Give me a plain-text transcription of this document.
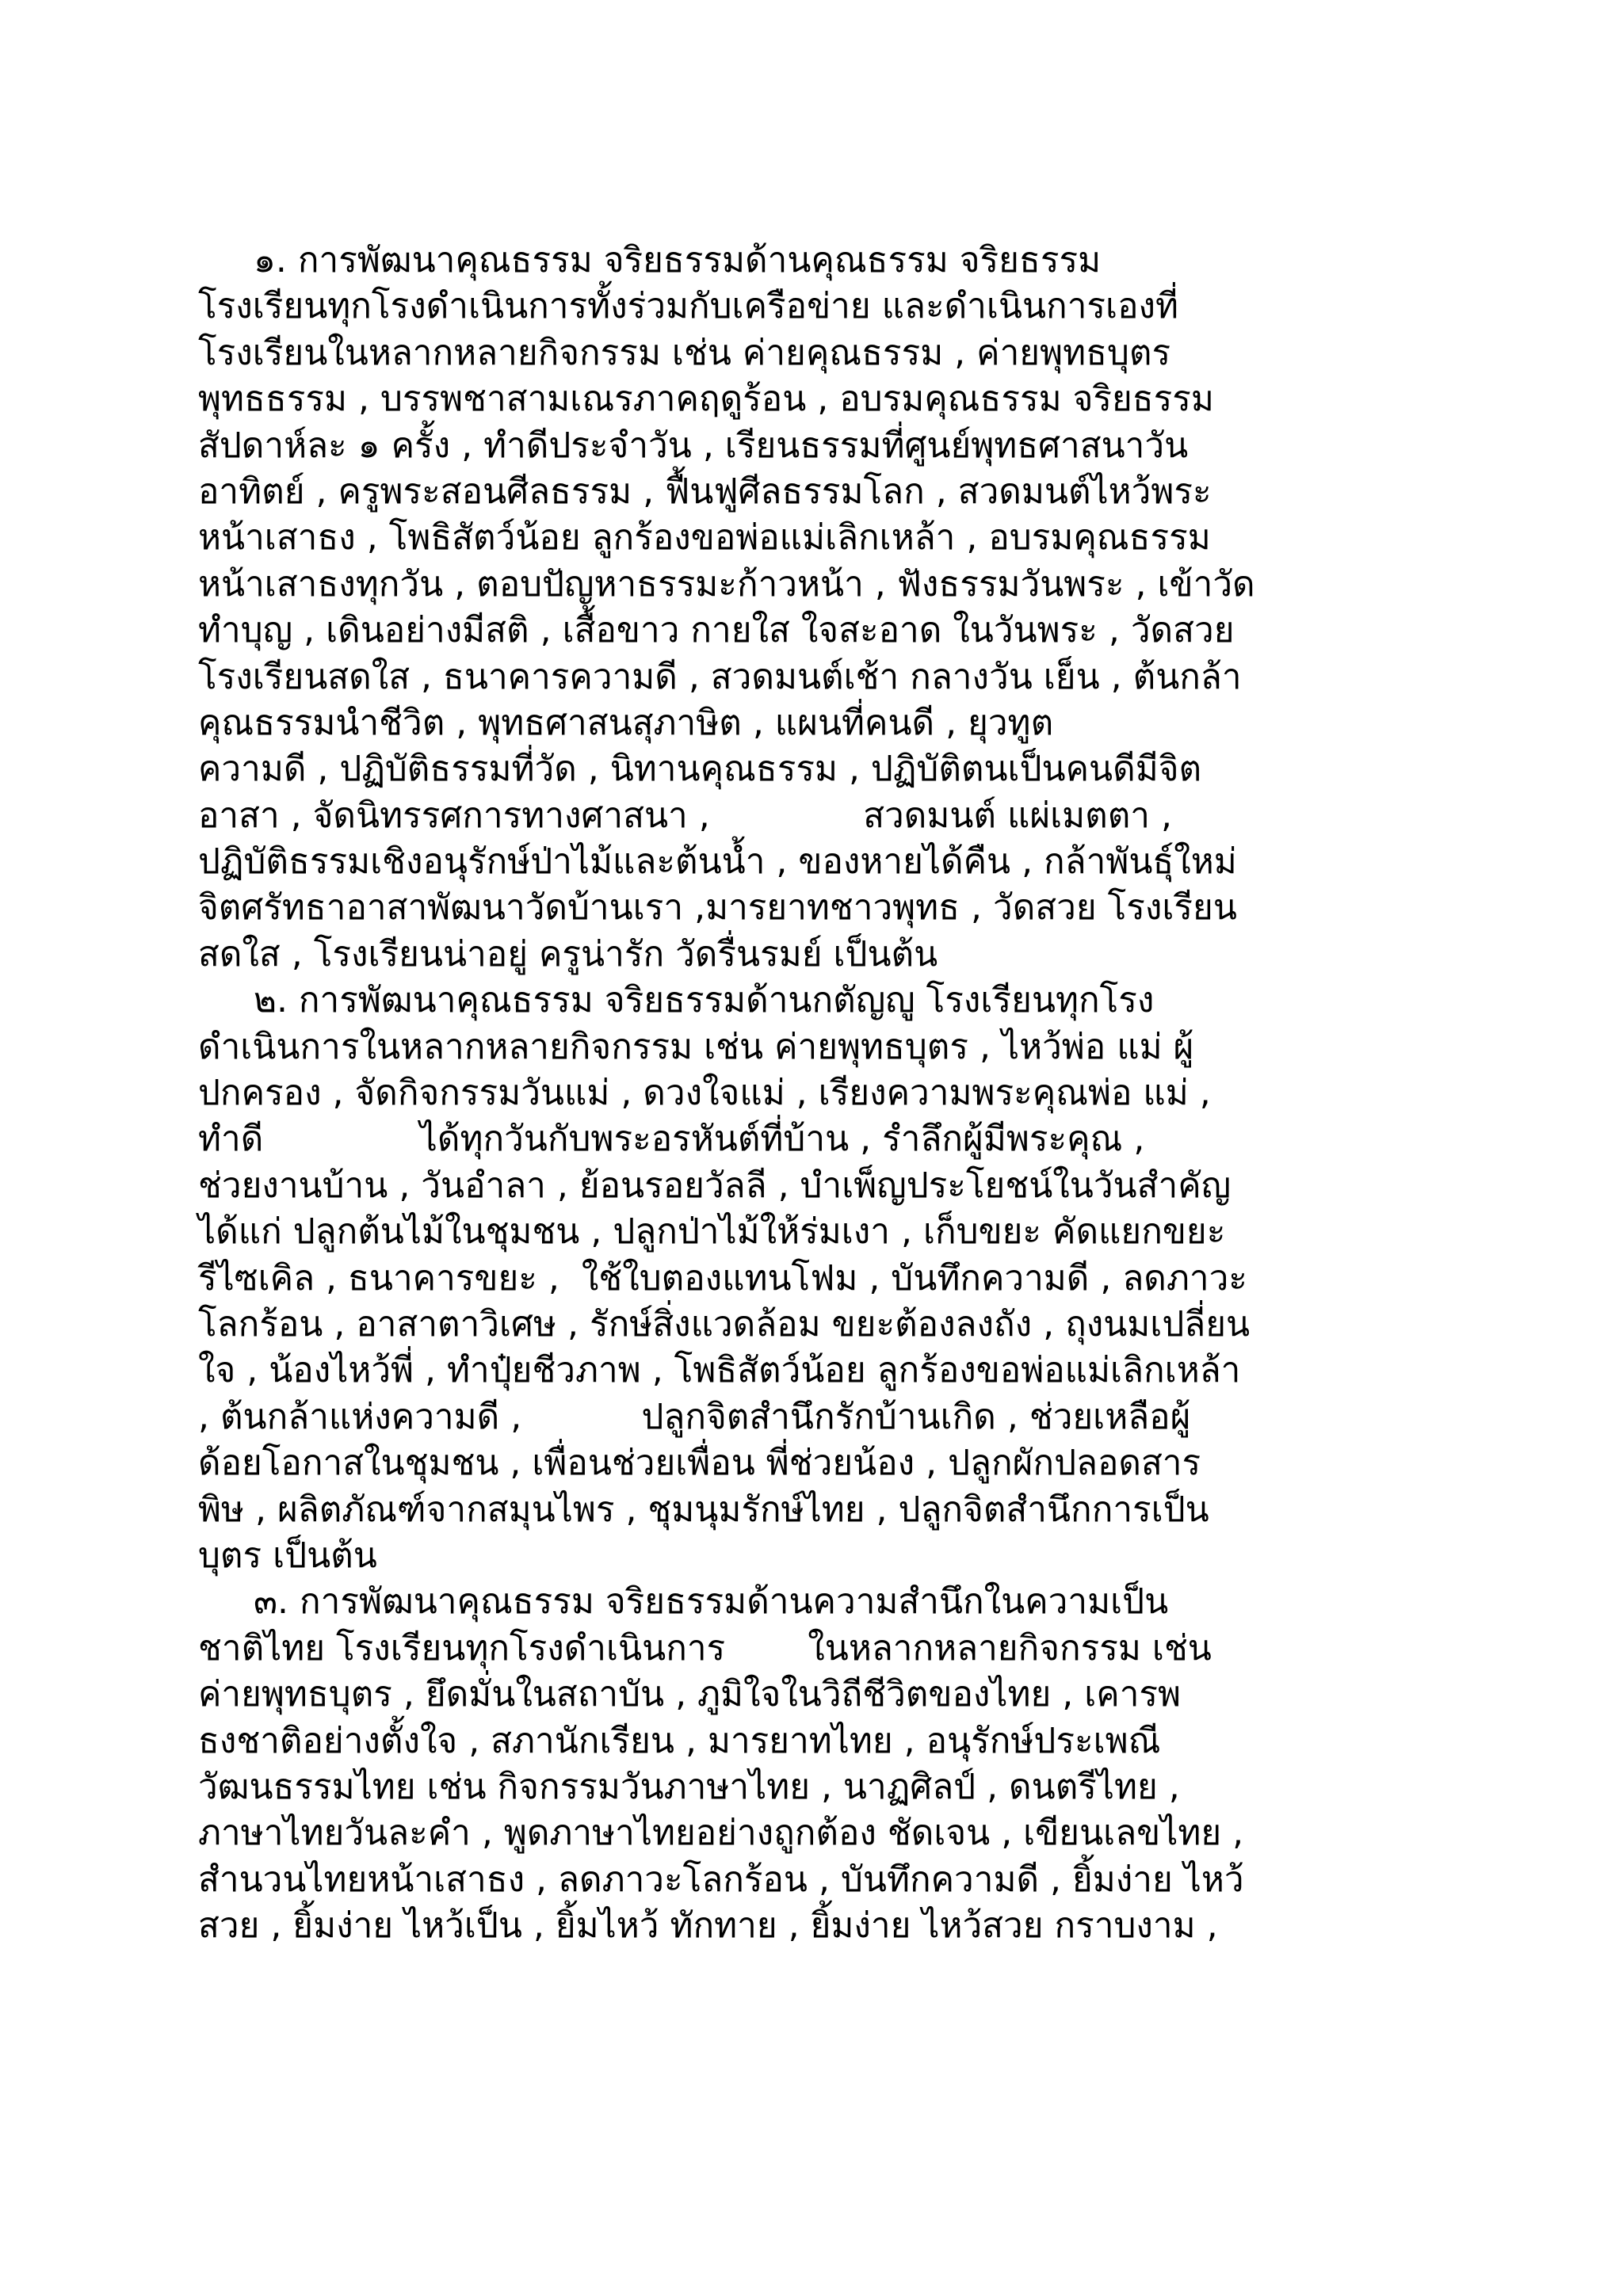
	๑. การพัฒนาคุณธรรม จริยธรรมด้านคุณธรรม จริยธรรม
โรงเรียนทุกโรงดำเนินการทั้งร่วมกับเครือข่าย และดำเนินการเองที่
โรงเรียนในหลากหลายกิจกรรม เช่น ค่ายคุณธรรม , ค่ายพุทธบุตร
พุทธธรรม , บรรพชาสามเณรภาคฤดูร้อน , อบรมคุณธรรม จริยธรรม
สัปดาห์ละ ๑ ครั้ง , ทำดีประจำวัน , เรียนธรรมที่ศูนย์พุทธศาสนาวัน
อาทิตย์ , ครูพระสอนศีลธรรม , ฟื้นฟูศีลธรรมโลก , สวดมนต์ไหว้พระ
หน้าเสาธง , โพธิสัตว์น้อย ลูกร้องขอพ่อแม่เลิกเหล้า , อบรมคุณธรรม
หน้าเสาธงทุกวัน , ตอบปัญหาธรรมะก้าวหน้า , ฟังธรรมวันพระ , เข้าวัด
ทำบุญ , เดินอย่างมีสติ , เสื้อขาว กายใส ใจสะอาด ในวันพระ , วัดสวย
โรงเรียนสดใส , ธนาคารความดี , สวดมนต์เช้า กลางวัน เย็น , ต้นกล้า
คุณธรรมนำชีวิต , พุทธศาสนสุภาษิต , แผนที่คนดี , ยุวทูต
ความดี , ปฏิบัติธรรมที่วัด , นิทานคุณธรรม , ปฏิบัติตนเป็นคนดีมีจิต
อาสา , จัดนิทรรศการทางศาสนา ,			สวดมนต์ แผ่เมตตา ,
ปฏิบัติธรรมเชิงอนุรักษ์ป่าไม้และต้นน้ำ , ของหายได้คืน , กล้าพันธุ์ใหม่
จิตศรัทธาอาสาพัฒนาวัดบ้านเรา ,มารยาทชาวพุทธ , วัดสวย โรงเรียน
สดใส , โรงเรียนน่าอยู่ ครูน่ารัก วัดรื่นรมย์ เป็นต้น
	๒. การพัฒนาคุณธรรม จริยธรรมด้านกตัญญู โรงเรียนทุกโรง
ดำเนินการในหลากหลายกิจกรรม เช่น ค่ายพุทธบุตร , ไหว้พ่อ แม่ ผู้
ปกครอง , จัดกิจกรรมวันแม่ , ดวงใจแม่ , เรียงความพระคุณพ่อ แม่ ,
ทำดี			ได้ทุกวันกับพระอรหันต์ที่บ้าน , รำลึกผู้มีพระคุณ ,
ช่วยงานบ้าน , วันอำลา , ย้อนรอยวัลลี , บำเพ็ญประโยชน์ในวันสำคัญ
ได้แก่ ปลูกต้นไม้ในชุมชน , ปลูกป่าไม้ให้ร่มเงา , เก็บขยะ คัดแยกขยะ
รีไซเคิล , ธนาคารขยะ ,  ใช้ใบตองแทนโฟม , บันทึกความดี , ลดภาวะ
โลกร้อน , อาสาตาวิเศษ , รักษ์สิ่งแวดล้อม ขยะต้องลงถัง , ถุงนมเปลี่ยน
ใจ , น้องไหว้พี่ , ทำปุ๋ยชีวภาพ , โพธิสัตว์น้อย ลูกร้องขอพ่อแม่เลิกเหล้า
, ต้นกล้าแห่งความดี ,			ปลูกจิตสำนึกรักบ้านเกิด , ช่วยเหลือผู้
ด้อยโอกาสในชุมชน , เพื่อนช่วยเพื่อน พี่ช่วยน้อง , ปลูกผักปลอดสาร
พิษ , ผลิตภัณฑ์จากสมุนไพร , ชุมนุมรักษ์ไทย , ปลูกจิตสำนึกการเป็น
บุตร เป็นต้น
	๓. การพัฒนาคุณธรรม จริยธรรมด้านความสำนึกในความเป็น
ชาติไทย โรงเรียนทุกโรงดำเนินการ		ในหลากหลายกิจกรรม เช่น
ค่ายพุทธบุตร , ยึดมั่นในสถาบัน , ภูมิใจในวิถีชีวิตของไทย , เคารพ
ธงชาติอย่างตั้งใจ , สภานักเรียน , มารยาทไทย , อนุรักษ์ประเพณี
วัฒนธรรมไทย เช่น กิจกรรมวันภาษาไทย , นาฏศิลป์ , ดนตรีไทย ,
ภาษาไทยวันละคำ , พูดภาษาไทยอย่างถูกต้อง ชัดเจน , เขียนเลขไทย ,
สำนวนไทยหน้าเสาธง , ลดภาวะโลกร้อน , บันทึกความดี , ยิ้มง่าย ไหว้
สวย , ยิ้มง่าย ไหว้เป็น , ยิ้มไหว้ ทักทาย , ยิ้มง่าย ไหว้สวย กราบงาม ,
